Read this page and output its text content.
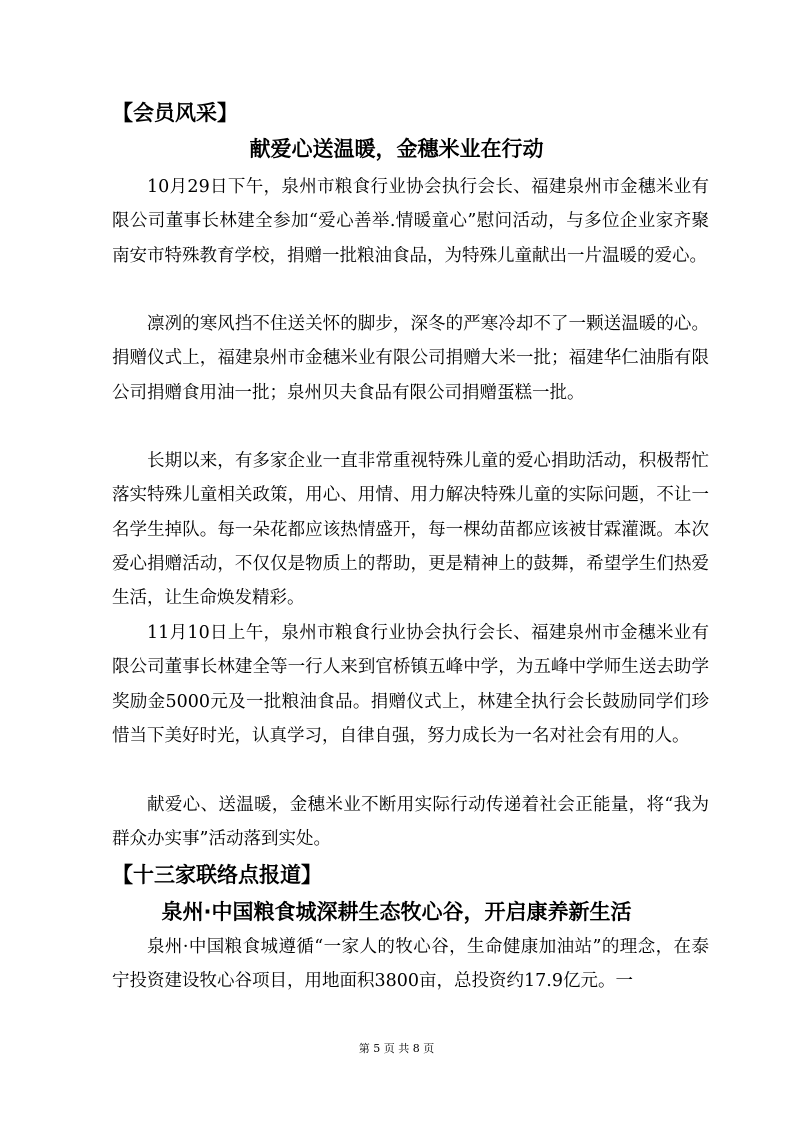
【会员风采】
献爱心送温暖，金穗米业在行动

10月29日下午，泉州市粮食行业协会执行会长、福建泉州市金穗米业有限公司董事长林建全参加“爱心善举.情暖童心”慰问活动，与多位企业家齐聚南安市特殊教育学校，捐赠一批粮油食品，为特殊儿童献出一片温暖的爱心。

凛冽的寒风挡不住送关怀的脚步，深冬的严寒冷却不了一颗送温暖的心。捐赠仪式上，福建泉州市金穗米业有限公司捐赠大米一批；福建华仁油脂有限公司捐赠食用油一批；泉州贝夫食品有限公司捐赠蛋糕一批。

长期以来，有多家企业一直非常重视特殊儿童的爱心捐助活动，积极帮忙落实特殊儿童相关政策，用心、用情、用力解决特殊儿童的实际问题，不让一名学生掉队。每一朵花都应该热情盛开，每一棵幼苗都应该被甘霖灌溉。本次爱心捐赠活动，不仅仅是物质上的帮助，更是精神上的鼓舞，希望学生们热爱生活，让生命焕发精彩。

11月10日上午，泉州市粮食行业协会执行会长、福建泉州市金穗米业有限公司董事长林建全等一行人来到官桥镇五峰中学，为五峰中学师生送去助学奖励金5000元及一批粮油食品。捐赠仪式上，林建全执行会长鼓励同学们珍惜当下美好时光，认真学习，自律自强，努力成长为一名对社会有用的人。

献爱心、送温暖，金穗米业不断用实际行动传递着社会正能量，将“我为群众办实事”活动落到实处。

【十三家联络点报道】
泉州·中国粮食城深耕生态牧心谷，开启康养新生活

泉州·中国粮食城遵循“一家人的牧心谷，生命健康加油站”的理念，在泰宁投资建设牧心谷项目，用地面积3800亩，总投资约17.9亿元。一

第 5 页 共 8 页
